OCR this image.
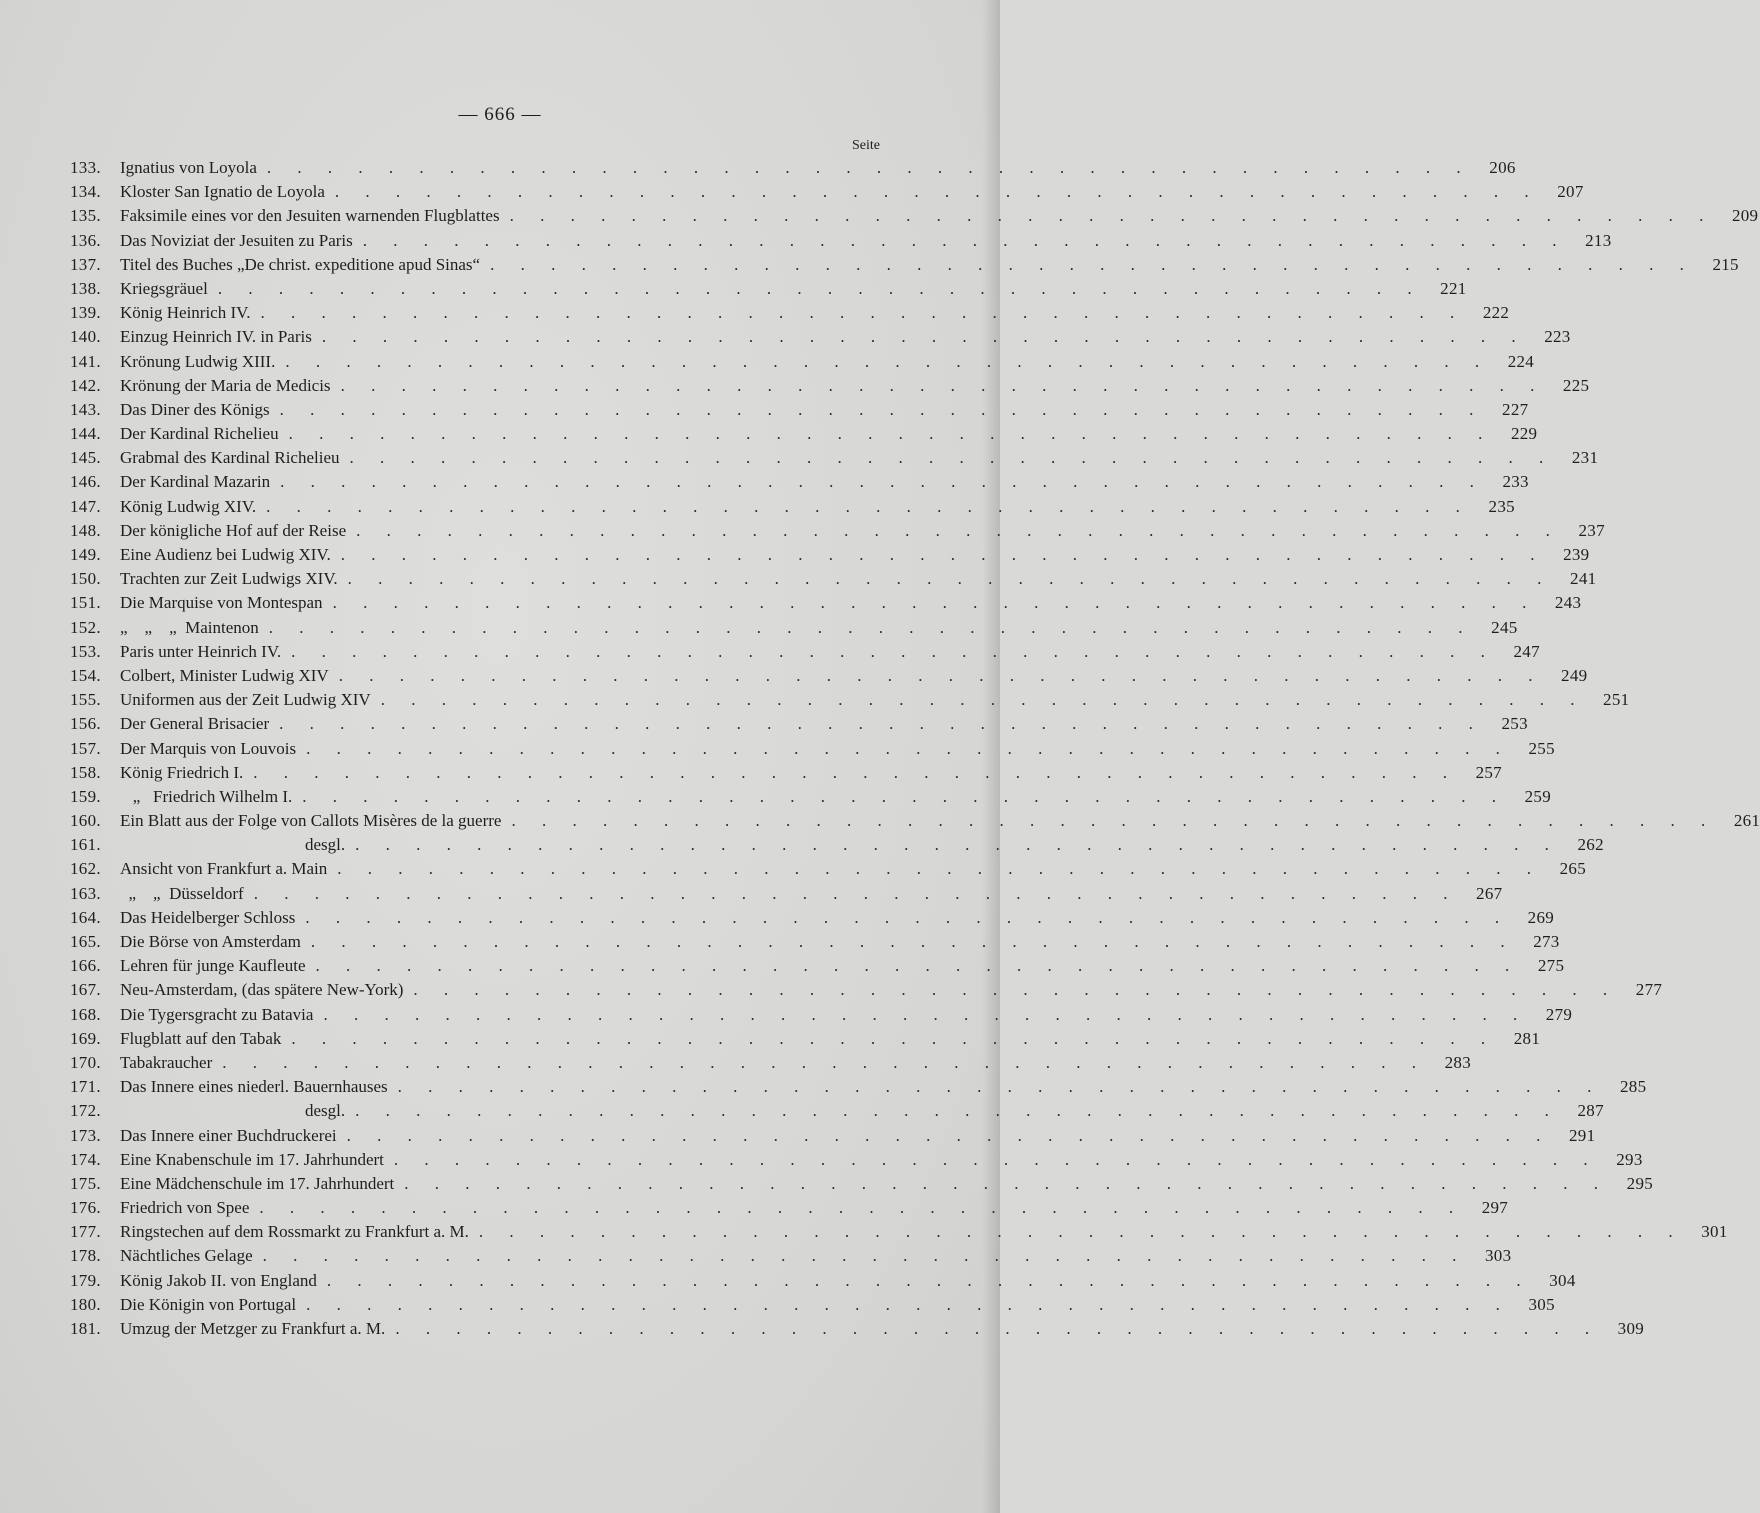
— 666 —
Seite
133.	Ignatius von Loyola . . .	206
134.	Kloster San Ignatio de Loyola . . .	207
135.	Faksimile eines vor den Jesuiten warnenden Flugblattes . . .	209
136.	Das Noviziat der Jesuiten zu Paris . . .	213
137.	Titel des Buches „De christ. expeditione apud Sinas“ . . .	215
138.	Kriegsgräuel . . .	221
139.	König Heinrich IV. . . .	222
140.	Einzug Heinrich IV. in Paris . . .	223
141.	Krönung Ludwig XIII. . . .	224
142.	Krönung der Maria de Medicis . . .	225
143.	Das Diner des Königs . . .	227
144.	Der Kardinal Richelieu . . .	229
145.	Grabmal des Kardinal Richelieu . . .	231
146.	Der Kardinal Mazarin . . .	233
147.	König Ludwig XIV. . . .	235
148.	Der königliche Hof auf der Reise . . .	237
149.	Eine Audienz bei Ludwig XIV. . . .	239
150.	Trachten zur Zeit Ludwigs XIV. . . .	241
151.	Die Marquise von Montespan . . .	243
152.	„    „    „  Maintenon . . .	245
153.	Paris unter Heinrich IV. . . .	247
154.	Colbert, Minister Ludwig XIV . . .	249
155.	Uniformen aus der Zeit Ludwig XIV . . .	251
156.	Der General Brisacier . . .	253
157.	Der Marquis von Louvois . . .	255
158.	König Friedrich I. . . .	257
159.	„   Friedrich Wilhelm I. . . .	259
160.	Ein Blatt aus der Folge von Callots Misères de la guerre . . .	261
161.	desgl. . . .	262
162.	Ansicht von Frankfurt a. Main . . .	265
163.	„    „  Düsseldorf . . .	267
164.	Das Heidelberger Schloss . . .	269
165.	Die Börse von Amsterdam . . .	273
166.	Lehren für junge Kaufleute . . .	275
167.	Neu-Amsterdam, (das spätere New-York) . . .	277
168.	Die Tygersgracht zu Batavia . . .	279
169.	Flugblatt auf den Tabak . . .	281
170.	Tabakraucher . . .	283
171.	Das Innere eines niederl. Bauernhauses . . .	285
172.	desgl. . . .	287
173.	Das Innere einer Buchdruckerei . . .	291
174.	Eine Knabenschule im 17. Jahrhundert . . .	293
175.	Eine Mädchenschule im 17. Jahrhundert . . .	295
176.	Friedrich von Spee . . .	297
177.	Ringstechen auf dem Rossmarkt zu Frankfurt a. M. . . .	301
178.	Nächtliches Gelage . . .	303
179.	König Jakob II. von England . . .	304
180.	Die Königin von Portugal . . .	305
181.	Umzug der Metzger zu Frankfurt a. M. . . .	309
